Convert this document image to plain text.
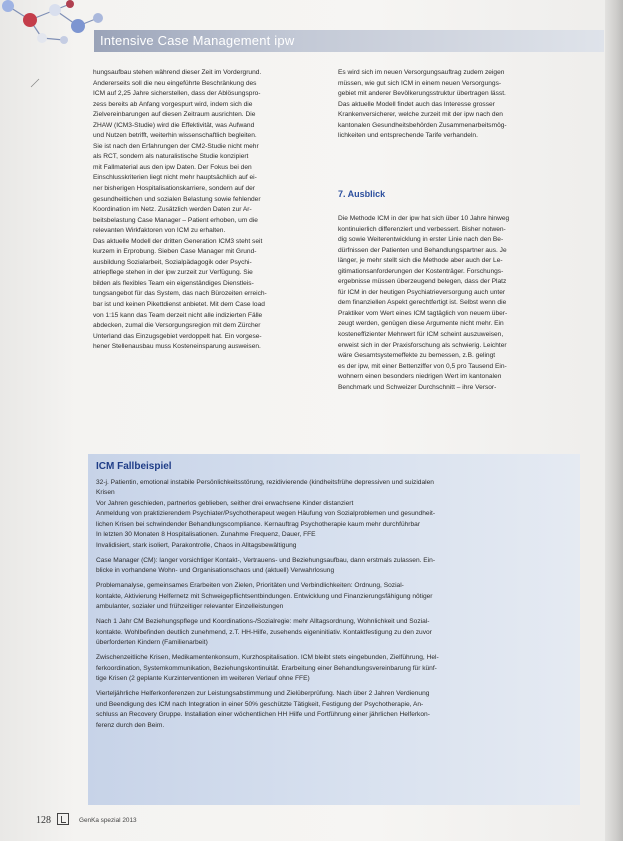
Intensive Case Management ipw
hungsaufbau stehen während dieser Zeit im Vordergrund.
Andererseits soll die neu eingeführte Beschränkung des
ICM auf 2,25 Jahre sicherstellen, dass der Ablösungspro-
zess bereits ab Anfang vorgespurt wird, indem sich die
Zielvereinbarungen auf diesen Zeitraum ausrichten. Die
ZHAW (ICM3-Studie) wird die Effektivität, was Aufwand
und Nutzen betrifft, weiterhin wissenschaftlich begleiten.
Sie ist nach den Erfahrungen der CM2-Studie nicht mehr
als RCT, sondern als naturalistische Studie konzipiert
mit Fallmaterial aus den ipw Daten. Der Fokus bei den
Einschlusskriterien liegt nicht mehr hauptsächlich auf ei-
ner bisherigen Hospitalisationskarriere, sondern auf der
gesundheitlichen und sozialen Belastung sowie fehlender
Koordination im Netz. Zusätzlich werden Daten zur Ar-
beitsbelastung Case Manager – Patient erhoben, um die
relevanten Wirkfaktoren von ICM zu erhalten.
Das aktuelle Modell der dritten Generation ICM3 steht seit
kurzem in Erprobung. Sieben Case Manager mit Grund-
ausbildung Sozialarbeit, Sozialpädagogik oder Psychi-
atriepflege stehen in der ipw zurzeit zur Verfügung. Sie
bilden als flexibles Team ein eigenständiges Dienstleis-
tungsangebot für das System, das nach Bürozeiten erreich-
bar ist und keinen Pikettdienst anbietet. Mit dem Case load
von 1:15 kann das Team derzeit nicht alle indizierten Fälle
abdecken, zumal die Versorgungsregion mit dem Zürcher
Unterland das Einzugsgebiet verdoppelt hat. Ein vorgese-
hener Stellenausbau muss Kosteneinsparung ausweisen.
Es wird sich im neuen Versorgungsauftrag zudem zeigen
müssen, wie gut sich ICM in einem neuen Versorgungs-
gebiet mit anderer Bevölkerungsstruktur übertragen lässt.
Das aktuelle Modell findet auch das Interesse grosser
Krankenversicherer, welche zurzeit mit der ipw nach den
kantonalen Gesundheitsbehörden Zusammenarbeitsmög-
lichkeiten und entsprechende Tarife verhandeln.
7. Ausblick
Die Methode ICM in der ipw hat sich über 10 Jahre hinweg
kontinuierlich differenziert und verbessert. Bisher notwen-
dig sowie Weiterentwicklung in erster Linie nach den Be-
dürfnissen der Patienten und Behandlungspartner aus. Je
länger, je mehr stellt sich die Methode aber auch der Le-
gitimationsanforderungen der Kostenträger. Forschungs-
ergebnisse müssen überzeugend belegen, dass der Platz
für ICM in der heutigen Psychiatrieversorgung auch unter
dem finanziellen Aspekt gerechtfertigt ist. Selbst wenn die
Praktiker vom Wert eines ICM tagtäglich von neuem über-
zeugt werden, genügen diese Argumente nicht mehr. Ein
kosteneffizienter Mehrwert für ICM scheint auszuweisen,
erweist sich in der Praxisforschung als schwierig. Leichter
wäre Gesamtsystemeffekte zu bemessen, z.B. gelingt
es der ipw, mit einer Bettenziffer von 0,5 pro Tausend Ein-
wohnern einen besonders niedrigen Wert im kantonalen
Benchmark und Schweizer Durchschnitt – ihre Versor-
ICM Fallbeispiel
32-j. Patientin, emotional instabile Persönlichkeitsstörung, rezidivierende (kindheitsfrühe depressiven und suizidalen
Krisen
Vor Jahren geschieden, partnerlos geblieben, seither drei erwachsene Kinder distanziert
Anmeldung von praktizierendem Psychiater/Psychotherapeut wegen Häufung von Sozialproblemen und gesundheit-
lichen Krisen bei schwindender Behandlungscompliance. Kernauftrag Psychotherapie kaum mehr durchführbar
In letzten 30 Monaten 8 Hospitalisationen. Zunahme Frequenz, Dauer, FFE
Invalidisiert, stark isoliert, Parakontrolle, Chaos in Alltagsbewältigung
Case Manager (CM): langer vorsichtiger Kontakt-, Vertrauens- und Beziehungsaufbau, dann erstmals zulassen. Ein-
blicke in vorhandene Wohn- und Organisationschaos und (aktuell) Verwahrlosung
Problemanalyse, gemeinsames Erarbeiten von Zielen, Prioritäten und Verbindlichkeiten: Ordnung, Sozial-
kontakte, Aktivierung Helfernetz mit Schweigepflichtsentbindungen. Entwicklung und Finanzierungsfähigung nötiger
ambulanter, sozialer und frühzeitiger relevanter Einzelleistungen
Nach 1 Jahr CM Beziehungspflege und Koordinations-/Sozialregie: mehr Alltagsordnung, Wohnlichkeit und Sozial-
kontakte. Wohlbefinden deutlich zunehmend, z.T. HH-Hilfe, zusehends eigeninitiativ. Kontaktfestigung zu den zuvor
überforderten Kindern (Familienarbeit)
Zwischenzeitliche Krisen, Medikamentenkonsum, Kurzhospitalisation. ICM bleibt stets eingebunden, Zielführung, Hel-
ferkoordination, Systemkommunikation, Beziehungskontinuität. Erarbeitung einer Behandlungsvereinbarung für künf-
tige Krisen (2 geplante Kurzinterventionen im weiteren Verlauf ohne FFE)
Vierteljährliche Helferkonferenzen zur Leistungsabstimmung und Zielüberprüfung. Nach über 2 Jahren Verdienung
und Beendigung des ICM nach Integration in einer 50% geschützte Tätigkeit, Festigung der Psychotherapie, An-
schluss an Recovery Gruppe. Installation einer wöchentlichen HH Hilfe und Fortführung einer jährlichen Helferkon-
ferenz durch den Beim.
128	GenKa spezial 2013
